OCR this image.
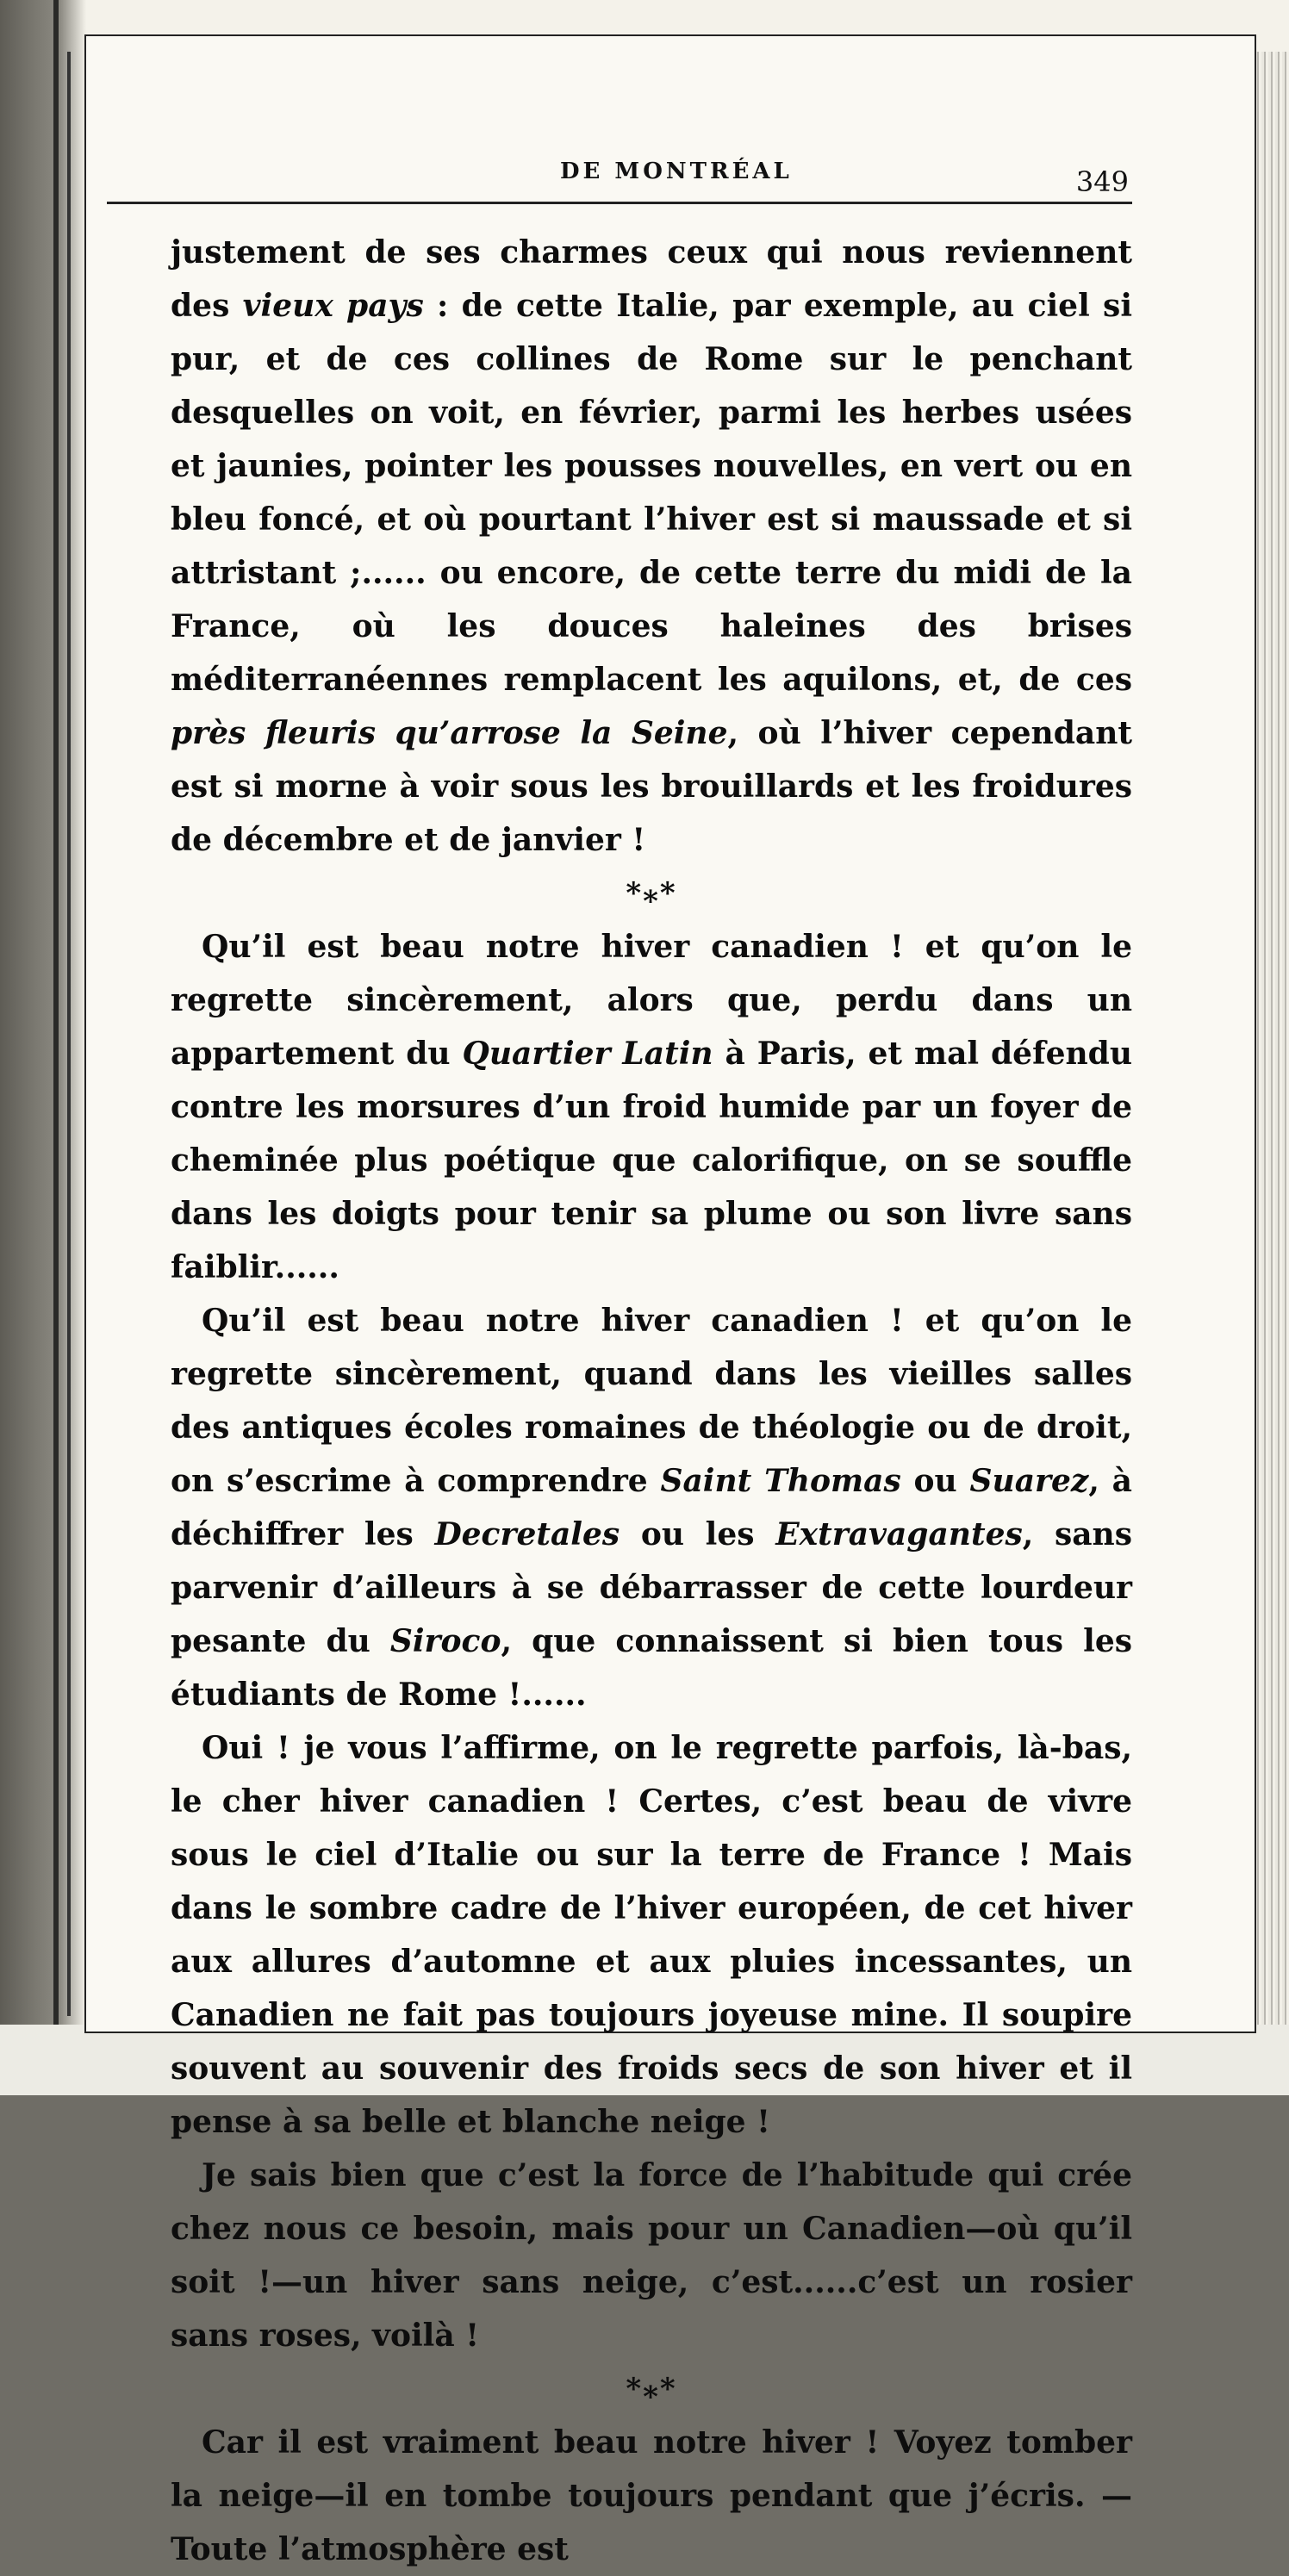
DE MONTRÉAL	349

justement de ses charmes ceux qui nous reviennent des vieux pays : de cette Italie, par exemple, au ciel si pur, et de ces collines de Rome sur le penchant desquelles on voit, en février, parmi les herbes usées et jaunies, pointer les pousses nouvelles, en vert ou en bleu foncé, et où pourtant l’hiver est si maussade et si attristant ;...... ou encore, de cette terre du midi de la France, où les douces haleines des brises méditerranéennes remplacent les aquilons, et, de ces près fleuris qu’arrose la Seine, où l’hiver cependant est si morne à voir sous les brouillards et les froidures de décembre et de janvier !

*⁎*

Qu’il est beau notre hiver canadien ! et qu’on le regrette sincèrement, alors que, perdu dans un appartement du Quartier Latin à Paris, et mal défendu contre les morsures d’un froid humide par un foyer de cheminée plus poétique que calorifique, on se souffle dans les doigts pour tenir sa plume ou son livre sans faiblir......

Qu’il est beau notre hiver canadien ! et qu’on le regrette sincèrement, quand dans les vieilles salles des antiques écoles romaines de théologie ou de droit, on s’escrime à comprendre Saint Thomas ou Suarez, à déchiffrer les Decretales ou les Extravagantes, sans parvenir d’ailleurs à se débarrasser de cette lourdeur pesante du Siroco, que connaissent si bien tous les étudiants de Rome !......

Oui ! je vous l’affirme, on le regrette parfois, là-bas, le cher hiver canadien ! Certes, c’est beau de vivre sous le ciel d’Italie ou sur la terre de France ! Mais dans le sombre cadre de l’hiver européen, de cet hiver aux allures d’automne et aux pluies incessantes, un Canadien ne fait pas toujours joyeuse mine. Il soupire souvent au souvenir des froids secs de son hiver et il pense à sa belle et blanche neige !

Je sais bien que c’est la force de l’habitude qui crée chez nous ce besoin, mais pour un Canadien—où qu’il soit !—un hiver sans neige, c’est......c’est un rosier sans roses, voilà !

*⁎*

Car il est vraiment beau notre hiver ! Voyez tomber la neige—il en tombe toujours pendant que j’écris. — Toute l’atmosphère est
